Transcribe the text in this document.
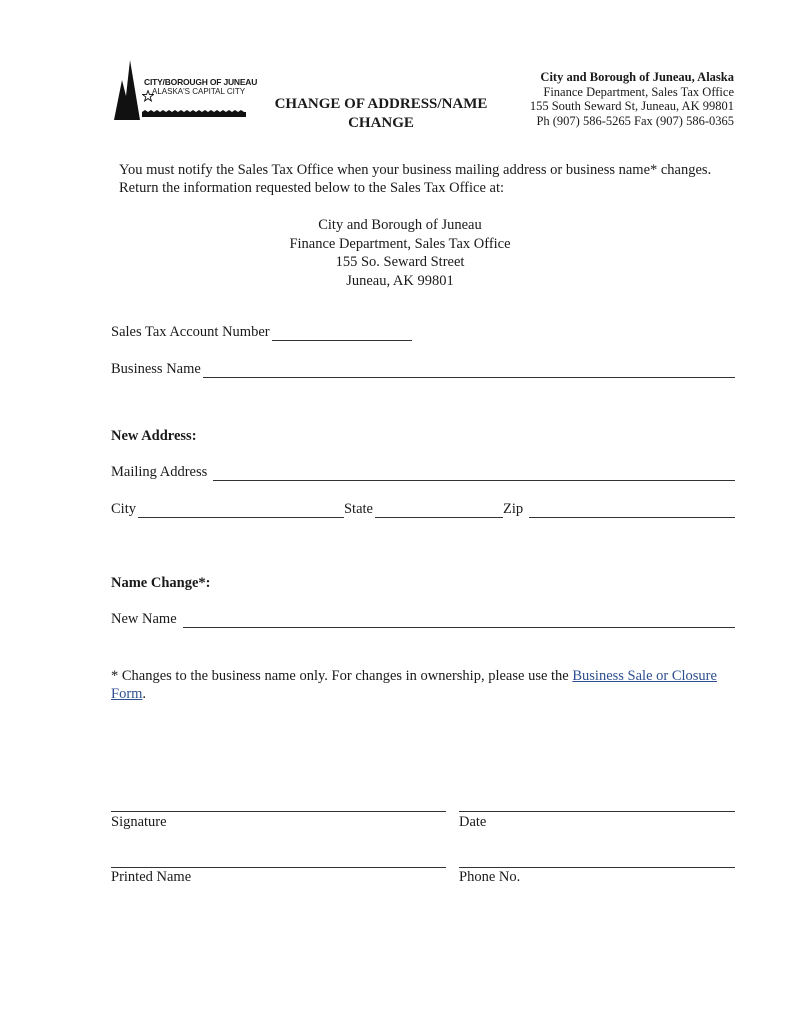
CITY/BOROUGH OF JUNEAU
ALASKA'S CAPITAL CITY
CHANGE OF ADDRESS/NAME CHANGE
City and Borough of Juneau, Alaska
Finance Department, Sales Tax Office
155 South Seward St, Juneau, AK 99801
Ph (907) 586-5265 Fax (907) 586-0365
You must notify the Sales Tax Office when your business mailing address or business name* changes. Return the information requested below to the Sales Tax Office at:
City and Borough of Juneau
Finance Department, Sales Tax Office
155 So. Seward Street
Juneau, AK 99801
Sales Tax Account Number
Business Name
New Address:
Mailing Address
City	State	Zip
Name Change*:
New Name
* Changes to the business name only. For changes in ownership, please use the Business Sale or Closure Form.
Signature	Date
Printed Name	Phone No.
